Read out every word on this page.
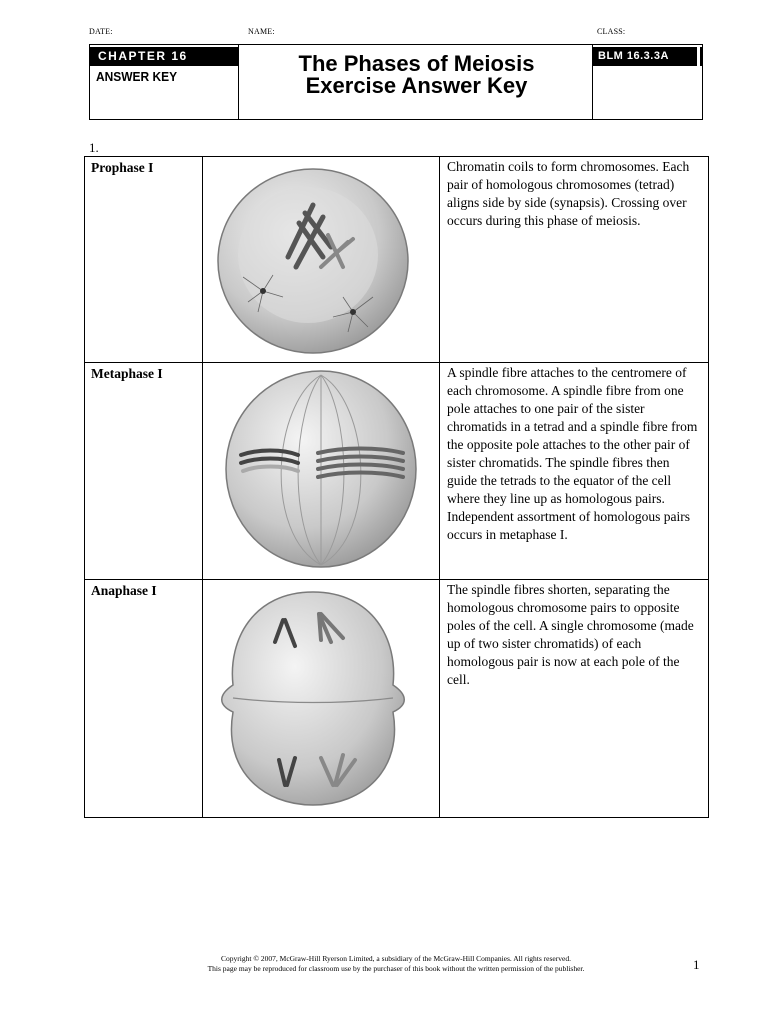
DATE:	NAME:	CLASS:
CHAPTER 16
ANSWER KEY
The Phases of Meiosis
Exercise Answer Key
BLM 16.3.3A
1.
Prophase I		Chromatin coils to form chromosomes. Each pair of homologous chromosomes (tetrad) aligns side by side (synapsis). Crossing over occurs during this phase of meiosis.
Metaphase I		A spindle fibre attaches to the centromere of each chromosome. A spindle fibre from one pole attaches to one pair of the sister chromatids in a tetrad and a spindle fibre from the opposite pole attaches to the other pair of sister chromatids. The spindle fibres then guide the tetrads to the equator of the cell where they line up as homologous pairs. Independent assortment of homologous pairs occurs in metaphase I.
Anaphase I		The spindle fibres shorten, separating the homologous chromosome pairs to opposite poles of the cell. A single chromosome (made up of two sister chromatids) of each homologous pair is now at each pole of the cell.
Copyright © 2007, McGraw-Hill Ryerson Limited, a subsidiary of the McGraw-Hill Companies. All rights reserved.
This page may be reproduced for classroom use by the purchaser of this book without the written permission of the publisher.	1
